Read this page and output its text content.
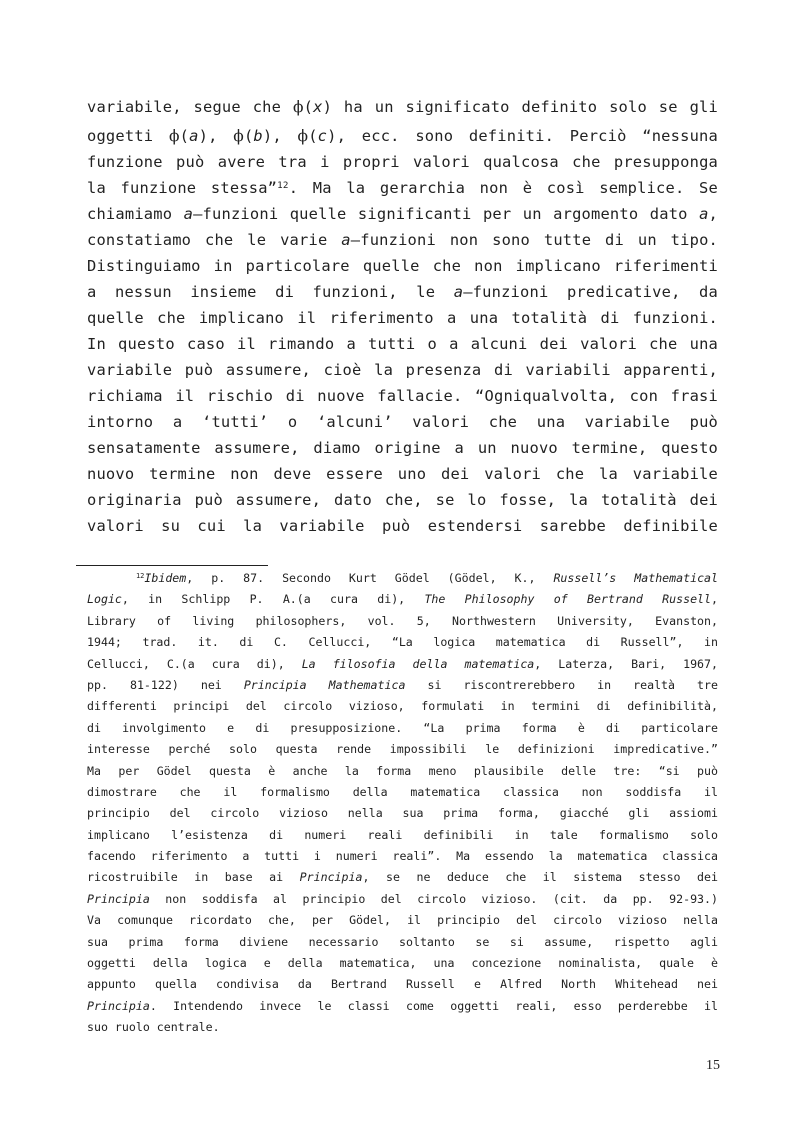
variabile, segue che ϕ(x) ha un significato definito solo se gli
oggetti ϕ(a), ϕ(b), ϕ(c), ecc. sono definiti. Perciò “nessuna
funzione può avere tra i propri valori qualcosa che presupponga
la funzione stessa”$^{12}$. Ma la gerarchia non è così semplice. Se
chiamiamo a–funzioni quelle significanti per un argomento dato a,
constatiamo che le varie a–funzioni non sono tutte di un tipo.
Distinguiamo in particolare quelle che non implicano riferimenti
a nessun insieme di funzioni, le a–funzioni predicative, da
quelle che implicano il riferimento a una totalità di funzioni.
In questo caso il rimando a tutti o a alcuni dei valori che una
variabile può assumere, cioè la presenza di variabili apparenti,
richiama il rischio di nuove fallacie. “Ogniqualvolta, con frasi
intorno a ‘tutti’ o ‘alcuni’ valori che una variabile può
sensatamente assumere, diamo origine a un nuovo termine, questo
nuovo termine non deve essere uno dei valori che la variabile
originaria può assumere, dato che, se lo fosse, la totalità dei
valori su cui la variabile può estendersi sarebbe definibile
$^{12}$Ibidem, p. 87. Secondo Kurt Gödel (Gödel, K., Russell’s Mathematical
Logic, in Schlipp P. A.(a cura di), The Philosophy of Bertrand Russell,
Library of living philosophers, vol. 5, Northwestern University, Evanston,
1944; trad. it. di C. Cellucci, “La logica matematica di Russell”, in
Cellucci, C.(a cura di), La filosofia della matematica, Laterza, Bari, 1967,
pp. 81-122) nei Principia Mathematica si riscontrerebbero in realtà tre
differenti principi del circolo vizioso, formulati in termini di definibilità,
di involgimento e di presupposizione. “La prima forma è di particolare
interesse perché solo questa rende impossibili le definizioni impredicative.”
Ma per Gödel questa è anche la forma meno plausibile delle tre: “si può
dimostrare che il formalismo della matematica classica non soddisfa il
principio del circolo vizioso nella sua prima forma, giacché gli assiomi
implicano l’esistenza di numeri reali definibili in tale formalismo solo
facendo riferimento a tutti i numeri reali”. Ma essendo la matematica classica
ricostruibile in base ai Principia, se ne deduce che il sistema stesso dei
Principia non soddisfa al principio del circolo vizioso. (cit. da pp. 92-93.)
Va comunque ricordato che, per Gödel, il principio del circolo vizioso nella
sua prima forma diviene necessario soltanto se si assume, rispetto agli
oggetti della logica e della matematica, una concezione nominalista, quale è
appunto quella condivisa da Bertrand Russell e Alfred North Whitehead nei
Principia. Intendendo invece le classi come oggetti reali, esso perderebbe il
suo ruolo centrale.
15
